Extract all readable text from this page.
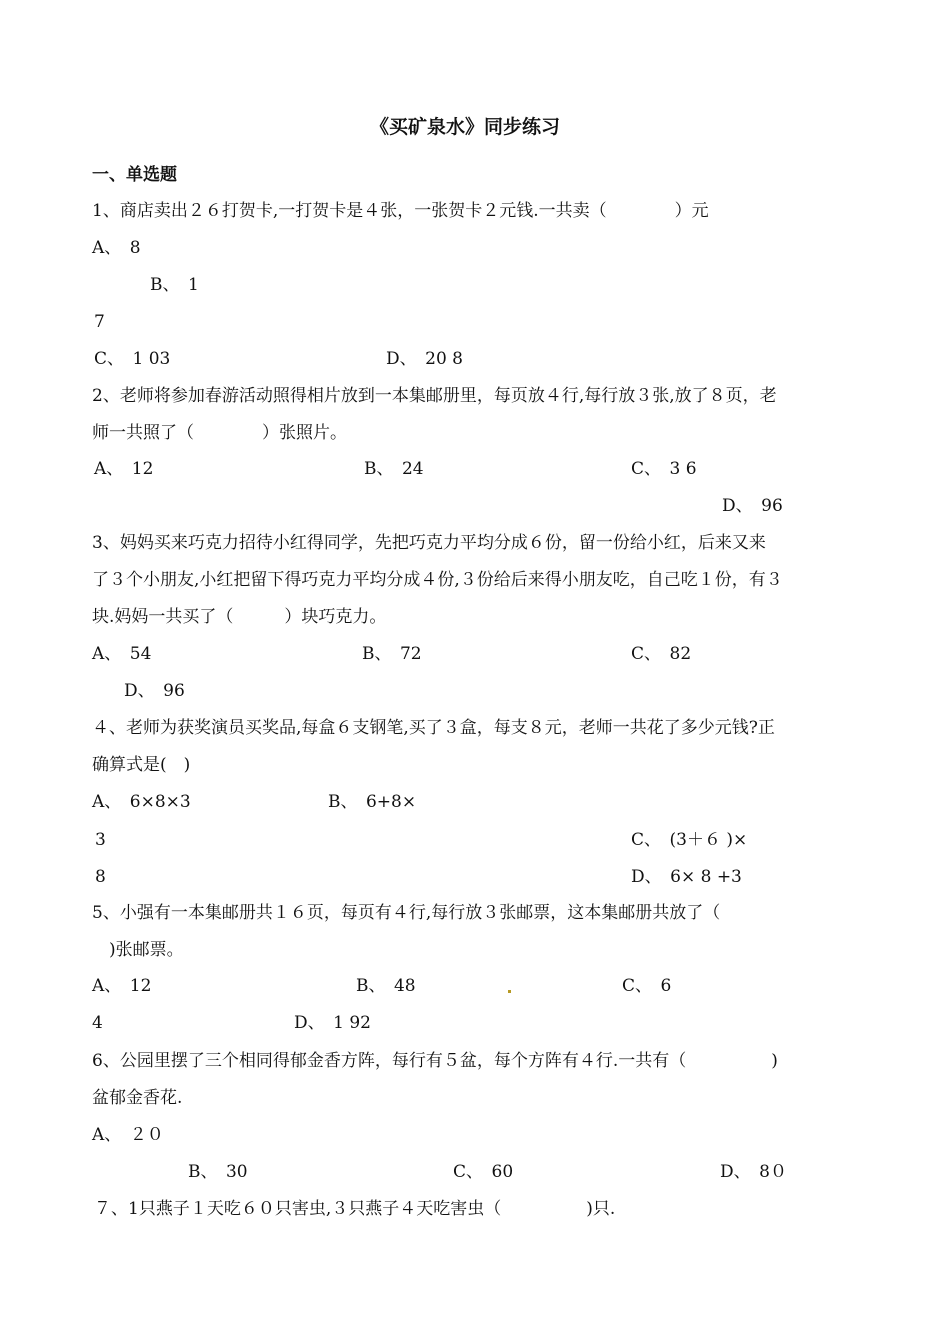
《买矿泉水》同步练习
一、单选题
1、商店卖出２６打贺卡,一打贺卡是４张，一张贺卡２元钱.一共卖（　　　　）元
A、　8
B、　1
7
C、　1 03	D、　20 8
2、老师将参加春游活动照得相片放到一本集邮册里，每页放４行,每行放３张,放了８页，老
师一共照了（　　　　）张照片。
A、　12	B、　24	C、　3 6
D、　96
3、妈妈买来巧克力招待小红得同学，先把巧克力平均分成６份，留一份给小红，后来又来
了３个小朋友,小红把留下得巧克力平均分成４份,３份给后来得小朋友吃，自己吃１份，有３
块.妈妈一共买了（　　　）块巧克力。
A、　54	B、　72	C、　82
D、　96
４、老师为获奖演员买奖品,每盒６支钢笔,买了３盒，每支８元，老师一共花了多少元钱?正
确算式是(　)
A、　6×8×3	B、　6+8×
3	C、　(3＋６ )×
8	D、　6× 8 +3
5、小强有一本集邮册共１６页，每页有４行,每行放３张邮票，这本集邮册共放了（
　)张邮票。
A、　12	B、　48	C、　6
4	D、　1 92
6、公园里摆了三个相同得郁金香方阵，每行有５盆，每个方阵有４行.一共有（　　　　　)
盆郁金香花.
A、　２０
B、　30	C、　60	D、　8０
７、1只燕子１天吃６０只害虫,３只燕子４天吃害虫（　　　　　)只.
